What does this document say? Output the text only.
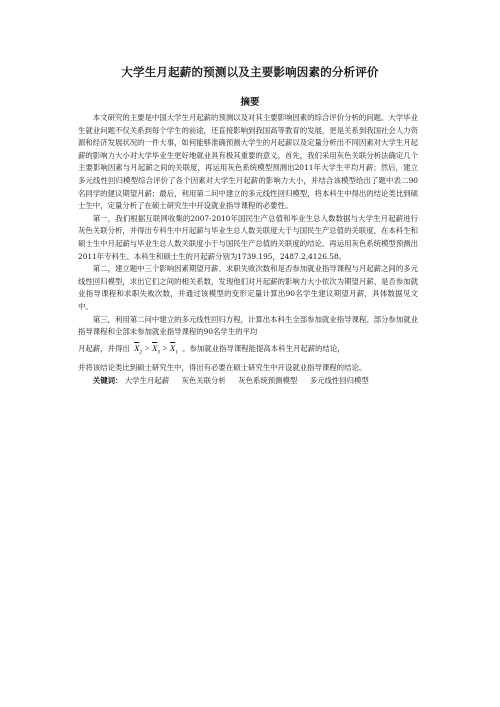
大学生月起薪的预测以及主要影响因素的分析评价
摘要

本文研究的主要是中国大学生月起薪的预测以及对其主要影响因素的综合评价分析的问题。大学毕业生就业问题不仅关系到每个学生的前途，还直接影响到我国高等教育的发展，更是关系到我国社会人力资源和经济发展状况的一件大事，如何能够准确预测大学生的月起薪以及定量分析出不同因素对大学生月起薪的影响力大小对大学毕业生更好地就业具有极其重要的意义。首先，我们采用灰色关联分析法确定几个主要影响因素与月起薪之间的关联度，再运用灰色系统模型预测出2011年大学生平均月薪；然后，建立多元线性回归模型综合评价了各个因素对大学生月起薪的影响力大小，并结合该模型给出了题中表二90名同学的建议期望月薪；最后，利用第二问中建立的多元线性回归模型，将本科生中得出的结论类比到硕士生中，定量分析了在硕士研究生中开设就业指导课程的必要性。

第一，我们根据互联网收集的2007-2010年国民生产总值和毕业生总人数数据与大学生月起薪进行灰色关联分析，并得出专科生中月起薪与毕业生总人数关联度大于与国民生产总值的关联度，在本科生和硕士生中月起薪与毕业生总人数关联度小于与国民生产总值的关联度的结论。再运用灰色系统模型预测出2011年专科生、本科生和硕士生的月起薪分别为1739.195，2487.2,4126.58。

第二，建立题中三个影响因素期望月薪、求职失败次数和是否参加就业指导课程与月起薪之间的多元线性回归模型，求出它们之间的相关系数，发现他们对月起薪的影响力大小依次为期望月薪、是否参加就业指导课程和求职失败次数，并通过该模型的变形定量计算出90名学生建议期望月薪，具体数据见文中。

第三，利用第二问中建立的多元线性回归方程，计算出本科生全部参加就业指导课程、部分参加就业指导课程和全部未参加就业指导课程的90名学生的平均

月起薪，并得出 $\overline{X}_2 > \overline{X}_3 > \overline{X}_1$ 。参加就业指导课程能提高本科生月起薪的结论，

并将该结论类比到硕士研究生中，得出有必要在硕士研究生中开设就业指导课程的结论。

关键词： 大学生月起薪 灰色关联分析 灰色系统预测模型 多元线性回归模型
